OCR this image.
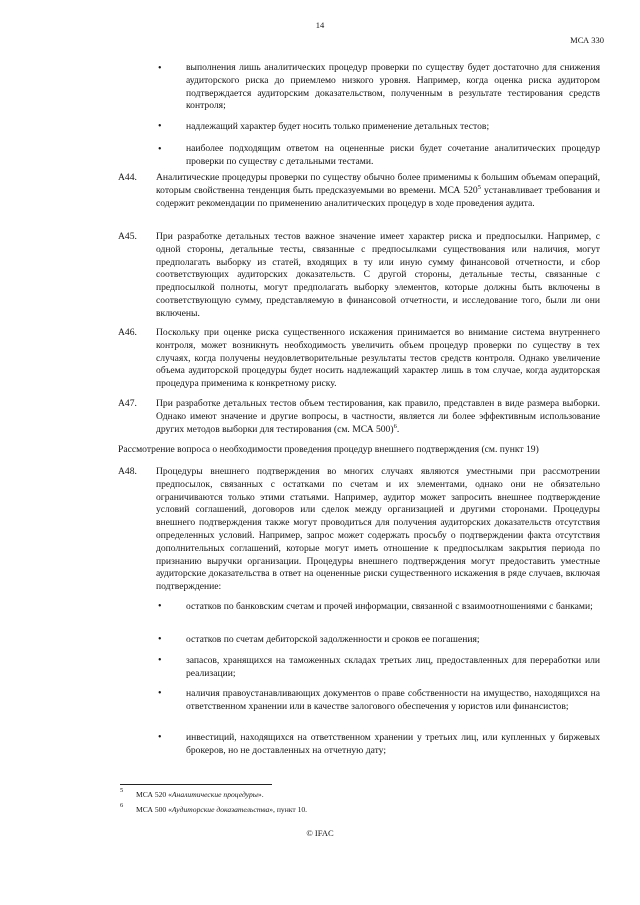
14
МСА 330
•	выполнения лишь аналитических процедур проверки по существу будет достаточно для снижения аудиторского риска до приемлемо низкого уровня. Например, когда оценка риска аудитором подтверждается аудиторским доказательством, полученным в результате тестирования средств контроля;

•	надлежащий характер будет носить только применение детальных тестов;

•	наиболее подходящим ответом на оцененные риски будет сочетание аналитических процедур проверки по существу с детальными тестами.

A44. Аналитические процедуры проверки по существу обычно более применимы к большим объемам операций, которым свойственна тенденция быть предсказуемыми во времени. МСА $520^5$ устанавливает требования и содержит рекомендации по применению аналитических процедур в ходе проведения аудита.

A45. При разработке детальных тестов важное значение имеет характер риска и предпосылки. Например, с одной стороны, детальные тесты, связанные с предпосылками существования или наличия, могут предполагать выборку из статей, входящих в ту или иную сумму финансовой отчетности, и сбор соответствующих аудиторских доказательств. С другой стороны, детальные тесты, связанные с предпосылкой полноты, могут предполагать выборку элементов, которые должны быть включены в соответствующую сумму, представляемую в финансовой отчетности, и исследование того, были ли они включены.

A46. Поскольку при оценке риска существенного искажения принимается во внимание система внутреннего контроля, может возникнуть необходимость увеличить объем процедур проверки по существу в тех случаях, когда получены неудовлетворительные результаты тестов средств контроля. Однако увеличение объема аудиторской процедуры будет носить надлежащий характер лишь в том случае, когда аудиторская процедура применима к конкретному риску.

A47. При разработке детальных тестов объем тестирования, как правило, представлен в виде размера выборки. Однако имеют значение и другие вопросы, в частности, является ли более эффективным использование других методов выборки для тестирования (см. МСА 500)$^6$.

Рассмотрение вопроса о необходимости проведения процедур внешнего подтверждения (см. пункт 19)
A48. Процедуры внешнего подтверждения во многих случаях являются уместными при рассмотрении предпосылок, связанных с остатками по счетам и их элементами, однако они не обязательно ограничиваются только этими статьями. Например, аудитор может запросить внешнее подтверждение условий соглашений, договоров или сделок между организацией и другими сторонами. Процедуры внешнего подтверждения также могут проводиться для получения аудиторских доказательств отсутствия определенных условий. Например, запрос может содержать просьбу о подтверждении факта отсутствия дополнительных соглашений, которые могут иметь отношение к предпосылкам закрытия периода по признанию выручки организации. Процедуры внешнего подтверждения могут предоставить уместные аудиторские доказательства в ответ на оцененные риски существенного искажения в ряде случаев, включая подтверждение:

•	остатков по банковским счетам и прочей информации, связанной с взаимоотношениями с банками;

•	остатков по счетам дебиторской задолженности и сроков ее погашения;

•	запасов, хранящихся на таможенных складах третьих лиц, предоставленных для переработки или реализации;

•	наличия правоустанавливающих документов о праве собственности на имущество, находящихся на ответственном хранении или в качестве залогового обеспечения у юристов или финансистов;

•	инвестиций, находящихся на ответственном хранении у третьих лиц, или купленных у биржевых брокеров, но не доставленных на отчетную дату;

5 МСА 520 «Аналитические процедуры».

6 МСА 500 «Аудиторские доказательства», пункт 10.

© IFAC
